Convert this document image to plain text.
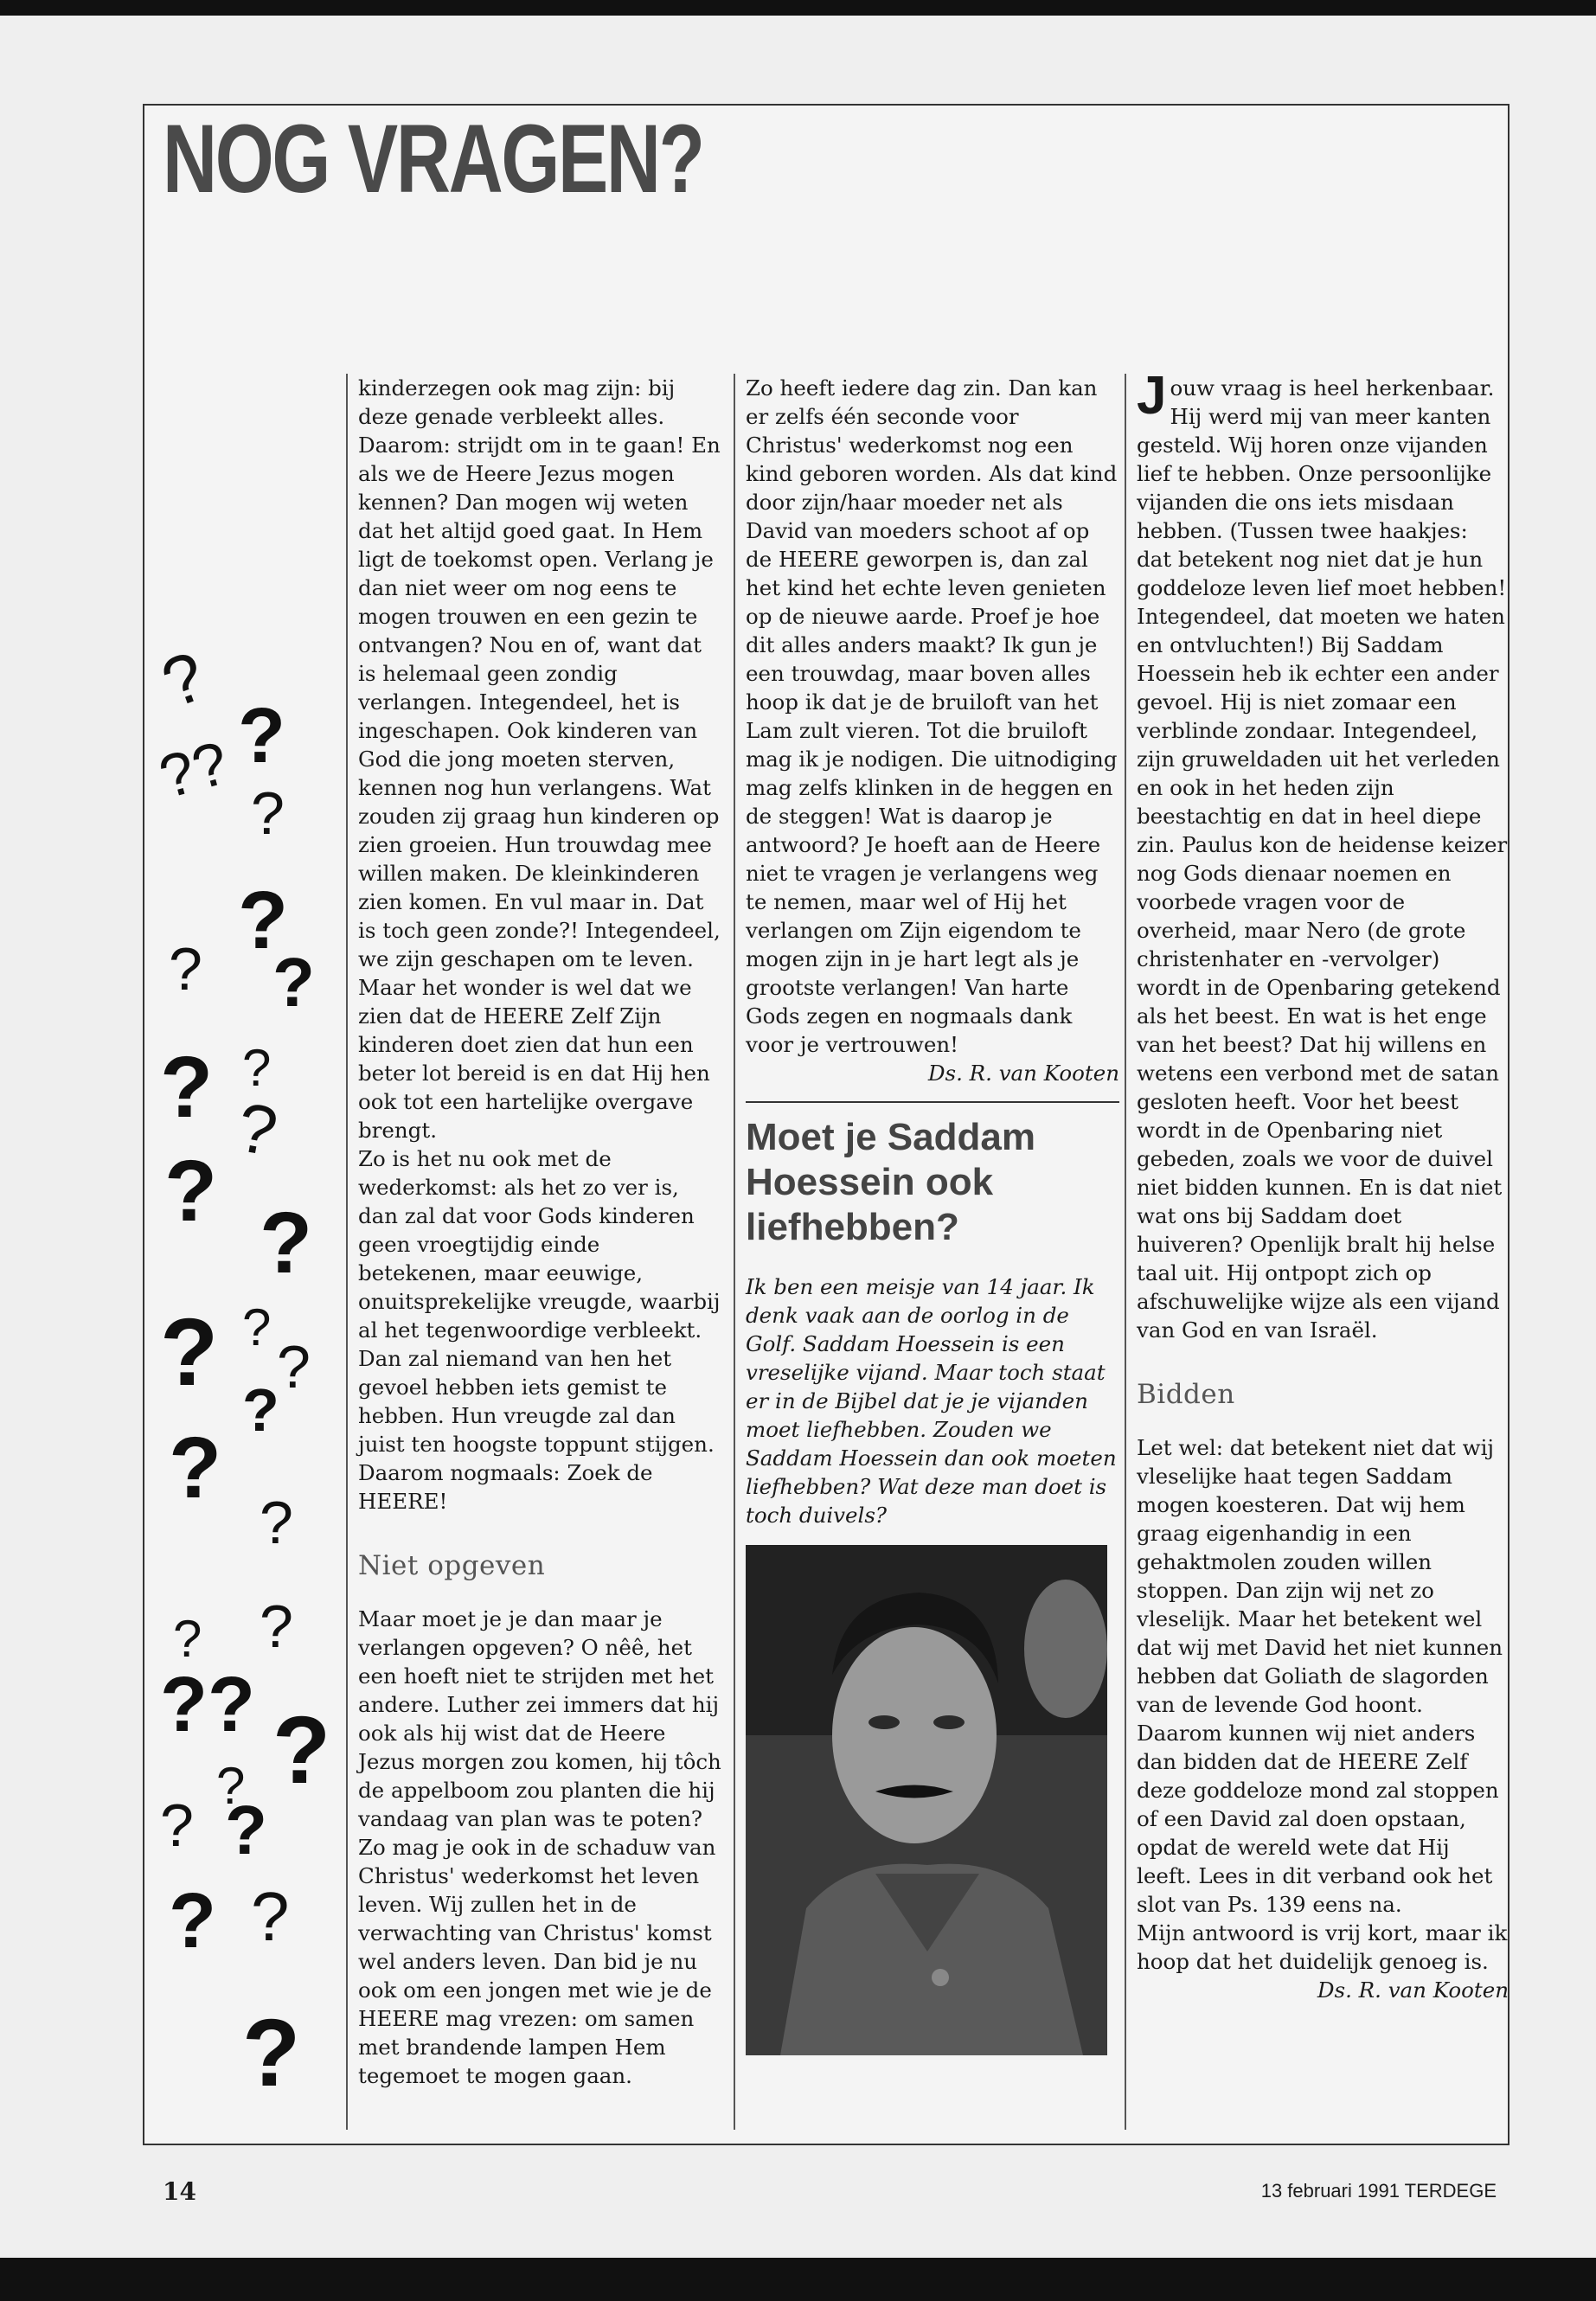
NOG VRAGEN?
?
?
??
?
?
? ?
?
? ?
?
?
?
? ?
?
?
?
?
?
?? ?
?
? ?
? ?
?

kinderzegen ook mag zijn: bij deze genade verbleekt alles. Daarom: strijdt om in te gaan! En als we de Heere Jezus mogen kennen? Dan mogen wij weten dat het altijd goed gaat. In Hem ligt de toekomst open. Verlang je dan niet weer om nog eens te mogen trouwen en een gezin te ontvangen? Nou en of, want dat is helemaal geen zondig verlangen. Integendeel, het is ingeschapen. Ook kinderen van God die jong moeten sterven, kennen nog hun verlangens. Wat zouden zij graag hun kinderen op zien groeien. Hun trouwdag mee willen maken. De kleinkinderen zien komen. En vul maar in. Dat is toch geen zonde?! Integendeel, we zijn geschapen om te leven. Maar het wonder is wel dat we zien dat de HEERE Zelf Zijn kinderen doet zien dat hun een beter lot bereid is en dat Hij hen ook tot een hartelijke overgave brengt.

Zo is het nu ook met de wederkomst: als het zo ver is, dan zal dat voor Gods kinderen geen vroegtijdig einde betekenen, maar eeuwige, onuitsprekelijke vreugde, waarbij al het tegenwoordige verbleekt. Dan zal niemand van hen het gevoel hebben iets gemist te hebben. Hun vreugde zal dan juist ten hoogste toppunt stijgen. Daarom nogmaals: Zoek de HEERE!

Niet opgeven

Maar moet je je dan maar je verlangen opgeven? O nêê, het een hoeft niet te strijden met het andere. Luther zei immers dat hij ook als hij wist dat de Heere Jezus morgen zou komen, hij tôch de appelboom zou planten die hij vandaag van plan was te poten? Zo mag je ook in de schaduw van Christus' wederkomst het leven leven. Wij zullen het in de verwachting van Christus' komst wel anders leven. Dan bid je nu ook om een jongen met wie je de HEERE mag vrezen: om samen met brandende lampen Hem tegemoet te mogen gaan.

Zo heeft iedere dag zin. Dan kan er zelfs één seconde voor Christus' wederkomst nog een kind geboren worden. Als dat kind door zijn/haar moeder net als David van moeders schoot af op de HEERE geworpen is, dan zal het kind het echte leven genieten op de nieuwe aarde. Proef je hoe dit alles anders maakt? Ik gun je een trouwdag, maar boven alles hoop ik dat je de bruiloft van het Lam zult vieren. Tot die bruiloft mag ik je nodigen. Die uitnodiging mag zelfs klinken in de heggen en de steggen! Wat is daarop je antwoord? Je hoeft aan de Heere niet te vragen je verlangens weg te nemen, maar wel of Hij het verlangen om Zijn eigendom te mogen zijn in je hart legt als je grootste verlangen! Van harte Gods zegen en nogmaals dank voor je vertrouwen!

Ds. R. van Kooten

Moet je Saddam Hoessein ook liefhebben?

Ik ben een meisje van 14 jaar. Ik denk vaak aan de oorlog in de Golf. Saddam Hoessein is een vreselijke vijand. Maar toch staat er in de Bijbel dat je je vijanden moet liefhebben. Zouden we Saddam Hoessein dan ook moeten liefhebben? Wat deze man doet is toch duivels?

Jouw vraag is heel herkenbaar. Hij werd mij van meer kanten gesteld. Wij horen onze vijanden lief te hebben. Onze persoonlijke vijanden die ons iets misdaan hebben. (Tussen twee haakjes: dat betekent nog niet dat je hun goddeloze leven lief moet hebben! Integendeel, dat moeten we haten en ontvluchten!) Bij Saddam Hoessein heb ik echter een ander gevoel. Hij is niet zomaar een verblinde zondaar. Integendeel, zijn gruweldaden uit het verleden en ook in het heden zijn beestachtig en dat in heel diepe zin. Paulus kon de heidense keizer nog Gods dienaar noemen en voorbede vragen voor de overheid, maar Nero (de grote christenhater en -vervolger) wordt in de Openbaring getekend als het beest. En wat is het enge van het beest? Dat hij willens en wetens een verbond met de satan gesloten heeft. Voor het beest wordt in de Openbaring niet gebeden, zoals we voor de duivel niet bidden kunnen. En is dat niet wat ons bij Saddam doet huiveren? Openlijk bralt hij helse taal uit. Hij ontpopt zich op afschuwelijke wijze als een vijand van God en van Israël.

Bidden

Let wel: dat betekent niet dat wij vleselijke haat tegen Saddam mogen koesteren. Dat wij hem graag eigenhandig in een gehaktmolen zouden willen stoppen. Dan zijn wij net zo vleselijk. Maar het betekent wel dat wij met David het niet kunnen hebben dat Goliath de slagorden van de levende God hoont. Daarom kunnen wij niet anders dan bidden dat de HEERE Zelf deze goddeloze mond zal stoppen of een David zal doen opstaan, opdat de wereld wete dat Hij leeft. Lees in dit verband ook het slot van Ps. 139 eens na.

Mijn antwoord is vrij kort, maar ik hoop dat het duidelijk genoeg is.

Ds. R. van Kooten

14	13 februari 1991 TERDEGE
